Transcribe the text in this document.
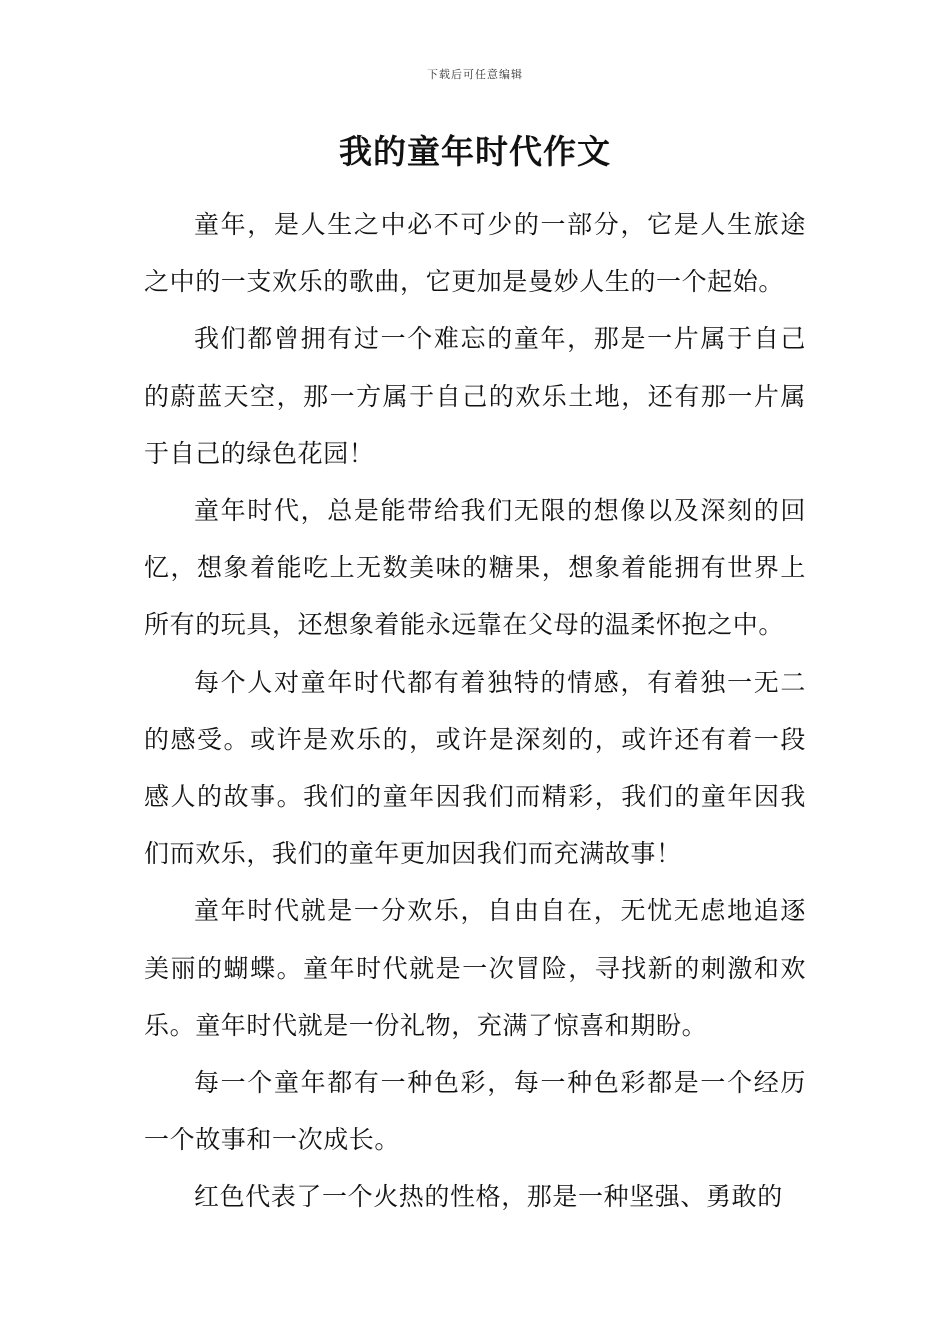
下载后可任意编辑
我的童年时代作文

童年，是人生之中必不可少的一部分，它是人生旅途之中的一支欢乐的歌曲，它更加是曼妙人生的一个起始。

我们都曾拥有过一个难忘的童年，那是一片属于自己的蔚蓝天空，那一方属于自己的欢乐土地，还有那一片属于自己的绿色花园！

童年时代，总是能带给我们无限的想像以及深刻的回忆，想象着能吃上无数美味的糖果，想象着能拥有世界上所有的玩具，还想象着能永远靠在父母的温柔怀抱之中。

每个人对童年时代都有着独特的情感，有着独一无二的感受。或许是欢乐的，或许是深刻的，或许还有着一段感人的故事。我们的童年因我们而精彩，我们的童年因我们而欢乐，我们的童年更加因我们而充满故事！

童年时代就是一分欢乐，自由自在，无忧无虑地追逐美丽的蝴蝶。童年时代就是一次冒险，寻找新的刺激和欢乐。童年时代就是一份礼物，充满了惊喜和期盼。

每一个童年都有一种色彩，每一种色彩都是一个经历一个故事和一次成长。

红色代表了一个火热的性格，那是一种坚强、勇敢的
